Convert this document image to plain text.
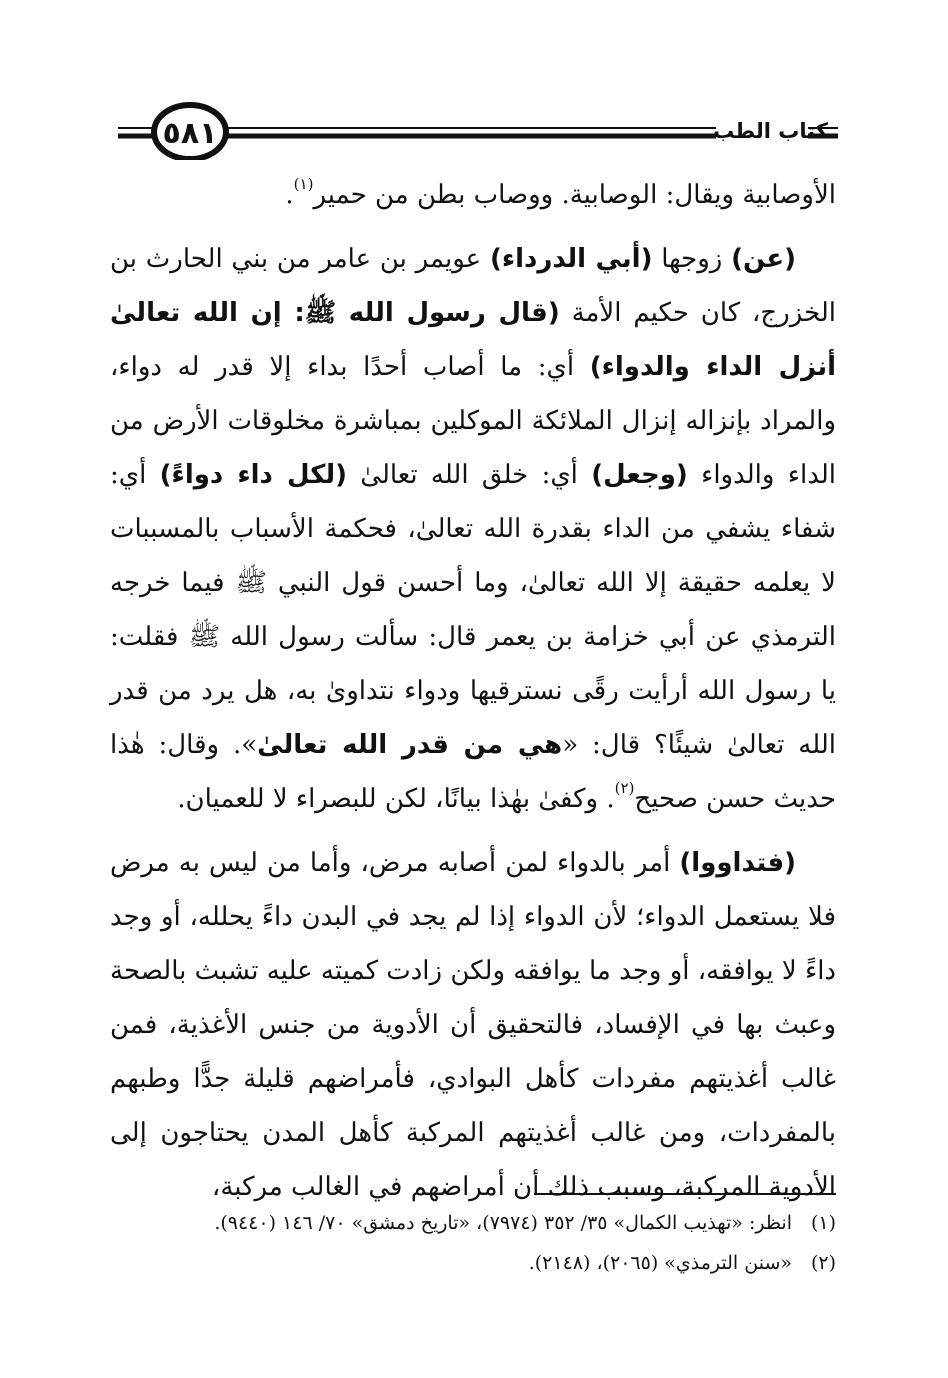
٥٨١	كتاب الطب

الأوصابية ويقال: الوصابية. ووصاب بطن من حمير$^{(١)}$.

(عن) زوجها (أبي الدرداء) عويمر بن عامر من بني الحارث بن الخزرج، كان حكيم الأمة (قال رسول الله ﷺ: إن الله تعالىٰ أنزل الداء والدواء) أي: ما أصاب أحدًا بداء إلا قدر له دواء، والمراد بإنزاله إنزال الملائكة الموكلين بمباشرة مخلوقات الأرض من الداء والدواء (وجعل) أي: خلق الله تعالىٰ (لكل داء دواءً) أي: شفاء يشفي من الداء بقدرة الله تعالىٰ، فحكمة الأسباب بالمسببات لا يعلمه حقيقة إلا الله تعالىٰ، وما أحسن قول النبي ﷺ فيما خرجه الترمذي عن أبي خزامة بن يعمر قال: سألت رسول الله ﷺ فقلت: يا رسول الله أرأيت رقًى نسترقيها ودواء نتداوىٰ به، هل يرد من قدر الله تعالىٰ شيئًا؟ قال: «هي من قدر الله تعالىٰ». وقال: هٰذا حديث حسن صحيح$^{(٢)}$. وكفىٰ بهٰذا بيانًا، لكن للبصراء لا للعميان.

(فتداووا) أمر بالدواء لمن أصابه مرض، وأما من ليس به مرض فلا يستعمل الدواء؛ لأن الدواء إذا لم يجد في البدن داءً يحلله، أو وجد داءً لا يوافقه، أو وجد ما يوافقه ولكن زادت كميته عليه تشبث بالصحة وعبث بها في الإفساد، فالتحقيق أن الأدوية من جنس الأغذية، فمن غالب أغذيتهم مفردات كأهل البوادي، فأمراضهم قليلة جدًّا وطبهم بالمفردات، ومن غالب أغذيتهم المركبة كأهل المدن يحتاجون إلى الأدوية المركبة، وسبب ذلك أن أمراضهم في الغالب مركبة،

(١)انظر: «تهذيب الكمال» ٣٥/ ٣٥٢ (٧٩٧٤)، «تاريخ دمشق» ٧٠/ ١٤٦ (٩٤٤٠).
(٢)«سنن الترمذي» (٢٠٦٥)، (٢١٤٨).
